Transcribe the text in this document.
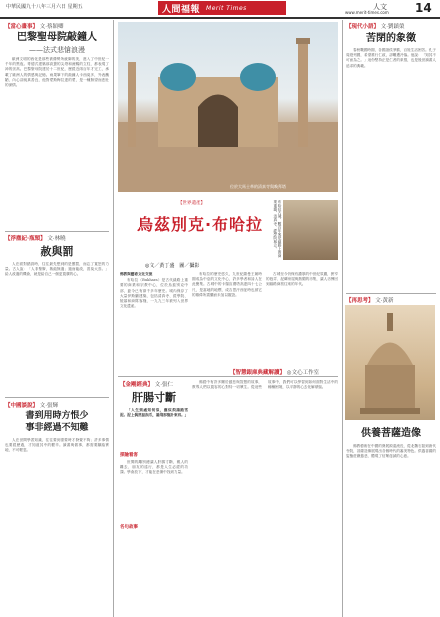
中華民國九十八年三月六日 星期五	人間福報 Merit Times	人文 14
www.merit-times.com
【當心畫事】 文·蔡穎卿
巴黎聖母院敲鐘人
——法式悲愴浪漫

歐洲文明的西化是那些被優勢所統御的美，進入了中世紀一千年的黑夜。哥德式建築那高聳的尖塔和流暢的立柱，都表現了神的崇高。巴黎聖母院建於十二世紀，歷經近兩百年才完工，承載了歐洲人的情感與記憶。雨果筆下的敲鐘人卡西莫多，外表醜陋，內心卻純真善良，他對愛斯梅拉達的愛，是一種無望而悲壯的深情。

【浮塵紀·瓶頸】 文·林曉
赦與罰

人在面對錯誤時，往往最先想到的是懲罰，而忘了寬恕的力量。古人說：「人非聖賢，孰能無過；過而能改，善莫大焉。」給人改過的機會，就是給自己一個更寬廣的心。

【中國談說】 文·張輝
書到用時方恨少
事非經過不知難

人在世間學習知識，往往要到需要時才發覺不夠；許多事情也要經歷過，才知道其中的艱辛。讀書與做事，都需要腳踏實地，不可輕忽。

位於大馬士革的清真寺與喚拜塔
【世界遺產】
烏茲別克·布哈拉	布哈拉古城，數百年來是絲路上的商業重鎮，清真寺、經學院林立。
◎文／黃丁盛　圖／攝影

佛教與藝術文化交流

布哈拉（Bukhara）是古代絲路上重要的商業和宗教中心，位於烏茲別克中部，距今已有兩千多年歷史。城內保存了大量伊斯蘭建築，包括清真寺、經學院、陵墓和商隊客棧，一九九三年被列入世界文化遺產。

布哈拉的歷史悠久，九世紀薩曼王朝時期成為中亞的文化中心，許多學者和詩人在此聚集。古城中的卡揚宣禮塔高達四十七公尺，是當地的地標，成吉思汗西征時也被它的雄偉所震懾而未加以摧毀。

古城至今仍保有濃厚的中世紀氛圍，狹窄的巷弄、泥磚房屋與熱鬧的市集，讓人彷彿回到絲路商旅往來的年代。

【金剛經典】 文·張仁
肝腸寸斷

「人生到處知何似，應似飛鴻踏雪泥。泥上偶然留指爪，鴻飛那復計東西。」

探險看客

世間的離別總讓人肝腸寸斷，親人的離去、朋友的遠行，都是人生必經的功課。學會放下，才能在悲傷中找到力量。

名句故事

佛經中有許多關於慈悲與智慧的故事，教導人們以寬容的心對待一切眾生。從這些故事中，我們可以學習到如何面對生活中的種種困境，以平靜的心去化解煩惱。

【智慧銀庫典藏解讀】 ◎文心工作室
【現代小語】 文·劉鎮榮
苦閉的象徵

春秋戰國時期，各國諸侯爭霸，百姓生活困苦。孔子周遊列國，希望推行仁政，卻屢遭冷落。他說：「知其不可而為之。」這份堅持正是仁者的象徵，也是後世讀書人追求的典範。

【再思考】 文·黃新
供養菩薩造像

佛教藝術在中國的發展源遠流長，從北魏石窟到唐代寺院，菩薩造像展現出各個時代的審美特色。供養菩薩的姿態莊嚴慈悲，體現了信眾虔誠的心意。
